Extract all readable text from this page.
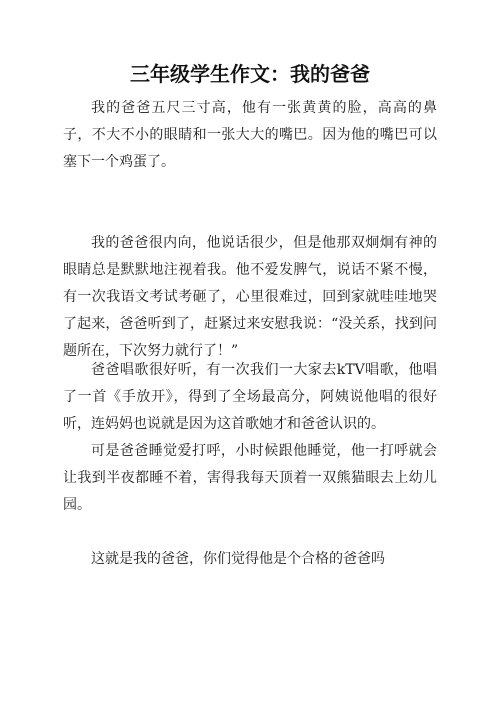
三年级学生作文：我的爸爸

我的爸爸五尺三寸高，他有一张黄黄的脸，高高的鼻子，不大不小的眼睛和一张大大的嘴巴。因为他的嘴巴可以塞下一个鸡蛋了。

我的爸爸很内向，他说话很少，但是他那双炯炯有神的眼睛总是默默地注视着我。他不爱发脾气，说话不紧不慢，有一次我语文考试考砸了，心里很难过，回到家就哇哇地哭了起来，爸爸听到了，赶紧过来安慰我说：“没关系，找到问题所在，下次努力就行了！”

爸爸唱歌很好听，有一次我们一大家去kTV唱歌，他唱了一首《手放开》，得到了全场最高分，阿姨说他唱的很好听，连妈妈也说就是因为这首歌她才和爸爸认识的。

可是爸爸睡觉爱打呼，小时候跟他睡觉，他一打呼就会让我到半夜都睡不着，害得我每天顶着一双熊猫眼去上幼儿园。

这就是我的爸爸，你们觉得他是个合格的爸爸吗
